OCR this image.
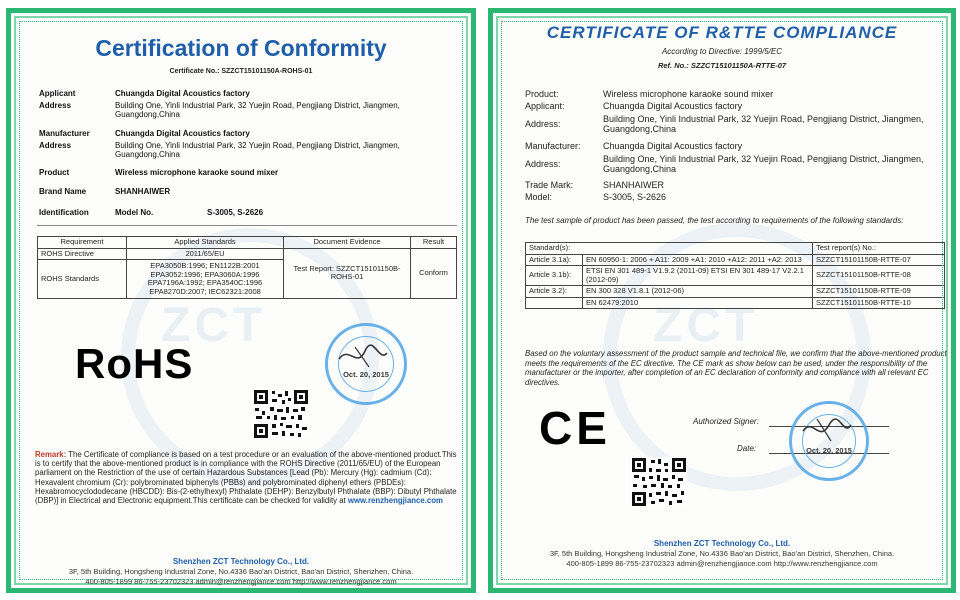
ZCT
Certification of Conformity
Certificate No.: SZZCT15101150A-ROHS-01
Applicant	Chuangda Digital Acoustics factory
Address	Building One, Yinli Industrial Park, 32 Yuejin Road, Pengjiang District, Jiangmen, Guangdong,China
Manufacturer	Chuangda Digital Acoustics factory
Address	Building One, Yinli Industrial Park, 32 Yuejin Road, Pengjiang District, Jiangmen, Guangdong,China
Product	Wireless microphone karaoke sound mixer
Brand Name	SHANHAIWER
Identification	Model No.	S-3005, S-2626
Requirement	Applied Standards	Document Evidence	Result
ROHS Directive	2011/65/EU	Test Report: SZZCT15101150B-ROHS-01	Conform
ROHS Standards	EPA3050B:1996; EN1122B:2001 EPA3052:1996; EPA3060A:1996 EPA7196A:1992; EPA3540C:1996 EPA8270D:2007; IEC62321:2008		
RoHS	Oct. 20, 2015
Remark: The Certificate of compliance is based on a test procedure or an evaluation of the above-mentioned product.This is to certify that the above-mentioned product is in compliance with the ROHS Directive (2011/65/EU) of the European parliament on the Restriction of the use of certain Hazardous Substances [Lead (Pb): Mercury (Hg): cadmium (Cd): Hexavalent chromium (Cr): polybrominated biphenyls (PBBs) and polybrominated diphenyl ethers (PBDEs): Hexabromocyclododecane (HBCDD): Bis-(2-ethylhexyl) Phthalate (DEHP): Benzylbutyl Phthalate (BBP): Dibutyl Phthalate (DBP)] in Electrical and Electronic equipment.This certificate can be checked for validity at www.renzhengjiance.com
Shenzhen ZCT Technology Co., Ltd.
3F, 5th Building, Hongsheng Industrial Zone, No.4336 Bao'an District, Bao'an District, Shenzhen, China.
400-805-1899 86-755-23702323 admin@renzhengjiance.com http://www.renzhengjiance.com
ZCT
CERTIFICATE OF R&TTE COMPLIANCE
According to Directive: 1999/5/EC
Ref. No.: SZZCT15101150A-RTTE-07
Product:	Wireless microphone karaoke sound mixer
Applicant:	Chuangda Digital Acoustics factory
Address:	Building One, Yinli Industrial Park, 32 Yuejin Road, Pengjiang District, Jiangmen, Guangdong,China
Manufacturer: Chuangda Digital Acoustics factory
Address:	Building One, Yinli Industrial Park, 32 Yuejin Road, Pengjiang District, Jiangmen, Guangdong,China
Trade Mark:	SHANHAIWER
Model:	S-3005, S-2626
The test sample of product has been passed, the test according to requirements of the following standards:
Standard(s):		Test report(s) No.:
Article 3.1a):	EN 60950-1: 2006 + A11: 2009 +A1: 2010 +A12: 2011 +A2: 2013	SZZCT15101150B-RTTE-07
Article 3.1b):	ETSI EN 301 489-1 V1.9.2 (2011-09) ETSI EN 301 489-17 V2.2.1 (2012-09)	SZZCT15101150B-RTTE-08
Article 3.2):	EN 300 328 V1.8.1 (2012-06)	SZZCT15101150B-RTTE-09
	EN 62479:2010	SZZCT15101150B-RTTE-10
Based on the voluntary assessment of the product sample and technical file, we confirm that the above-mentioned product meets the requirements of the EC directive. The CE mark as show below can be used, under the responsibility of the manufacturer or the importer, after completion of an EC declaration of conformity and compliance with all relevant EC directives.
CE	Authorized Signer:
Date:	Oct. 20, 2015
Shenzhen ZCT Technology Co., Ltd.
3F, 5th Building, Hongsheng Industrial Zone, No.4336 Bao'an District, Bao'an District, Shenzhen, China.
400-805-1899 86-755-23702323 admin@renzhengjiance.com http://www.renzhengjiance.com
